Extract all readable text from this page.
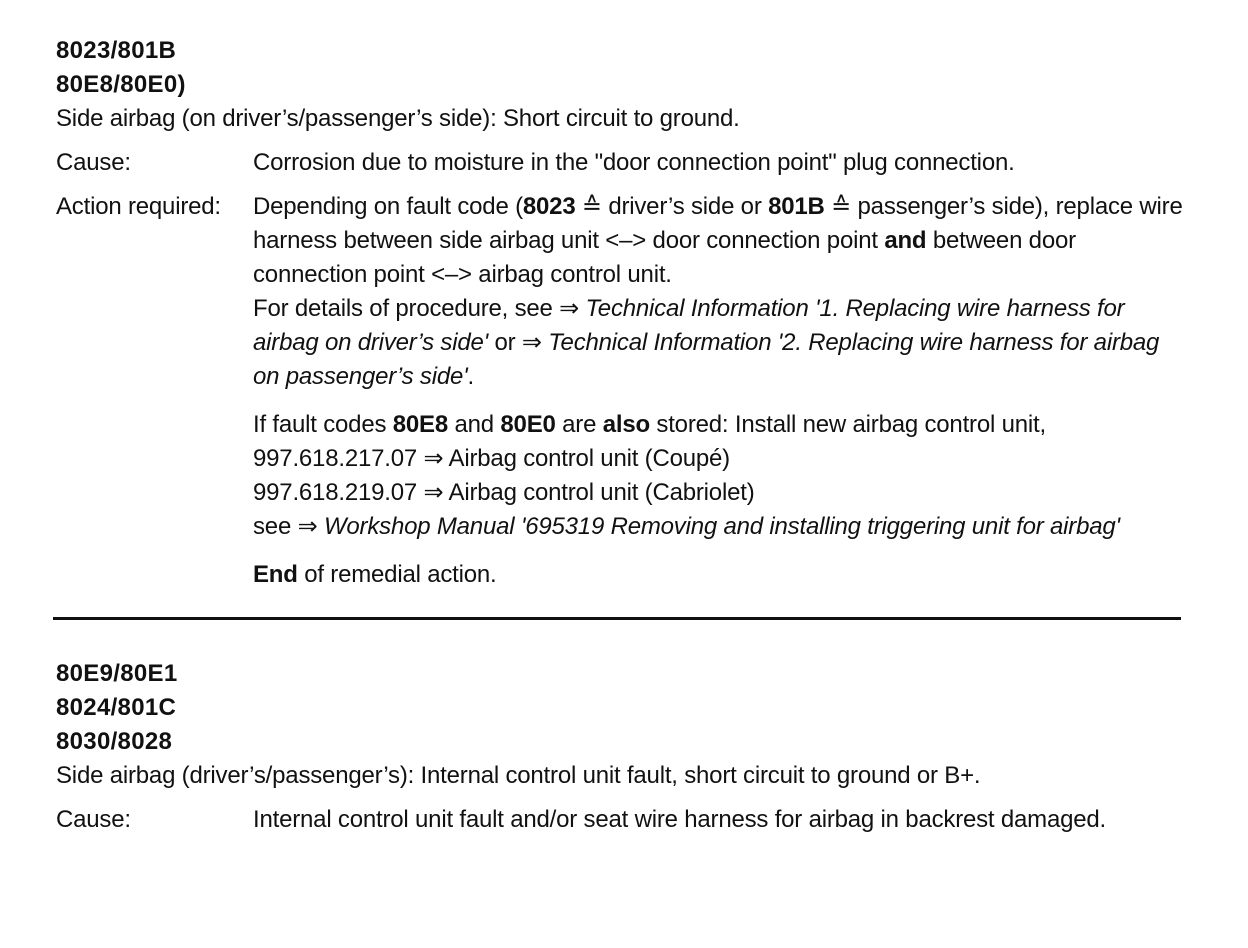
8023/801B
80E8/80E0)
Side airbag (on driver’s/passenger’s side): Short circuit to ground.
Cause:	Corrosion due to moisture in the "door connection point" plug connection.
Action required: Depending on fault code (8023 ≙ driver’s side or 801B ≙ passenger’s side), replace wire harness between side airbag unit <–> door connection point and between door connection point <–> airbag control unit.
For details of procedure, see ⇒ Technical Information '1. Replacing wire harness for airbag on driver’s side' or ⇒ Technical Information '2. Replacing wire harness for airbag on passenger’s side'.

If fault codes 80E8 and 80E0 are also stored: Install new airbag control unit,
997.618.217.07 ⇒ Airbag control unit (Coupé)
997.618.219.07 ⇒ Airbag control unit (Cabriolet)
see ⇒ Workshop Manual '695319 Removing and installing triggering unit for airbag'

End of remedial action.

80E9/80E1
8024/801C
8030/8028
Side airbag (driver’s/passenger’s): Internal control unit fault, short circuit to ground or B+.
Cause:	Internal control unit fault and/or seat wire harness for airbag in backrest damaged.
